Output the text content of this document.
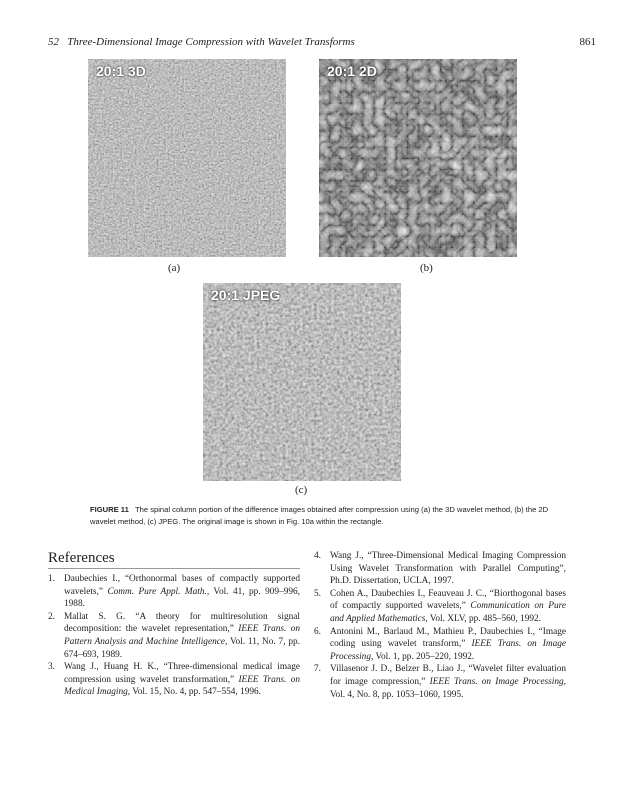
52 Three-Dimensional Image Compression with Wavelet Transforms	861
20:1 3D
(a)
20:1 2D
(b)
20:1 JPEG
(c)
FIGURE 11 The spinal column portion of the difference images obtained after compression using (a) the 3D wavelet method, (b) the 2D wavelet method, (c) JPEG. The original image is shown in Fig. 10a within the rectangle.
References
1. Daubechies I., “Orthonormal bases of compactly supported wavelets,” Comm. Pure Appl. Math., Vol. 41, pp. 909–996, 1988.
2. Mallat S. G. “A theory for multiresolution signal decomposition: the wavelet representation,” IEEE Trans. on Pattern Analysis and Machine Intelligence, Vol. 11, No. 7, pp. 674–693, 1989.
3. Wang J., Huang H. K., “Three-dimensional medical image compression using wavelet transformation,” IEEE Trans. on Medical Imaging, Vol. 15, No. 4, pp. 547–554, 1996.
4. Wang J., “Three-Dimensional Medical Imaging Compression Using Wavelet Transformation with Parallel Computing”, Ph.D. Dissertation, UCLA, 1997.
5. Cohen A., Daubechies I., Feauveau J. C., “Biorthogonal bases of compactly supported wavelets,” Communication on Pure and Applied Mathematics, Vol. XLV, pp. 485–560, 1992.
6. Antonini M., Barlaud M., Mathieu P., Daubechies I., “Image coding using wavelet transform,” IEEE Trans. on Image Processing, Vol. 1, pp. 205–220, 1992.
7. Villasenor J. D., Belzer B., Liao J., “Wavelet filter evaluation for image compression,” IEEE Trans. on Image Processing, Vol. 4, No. 8, pp. 1053–1060, 1995.
